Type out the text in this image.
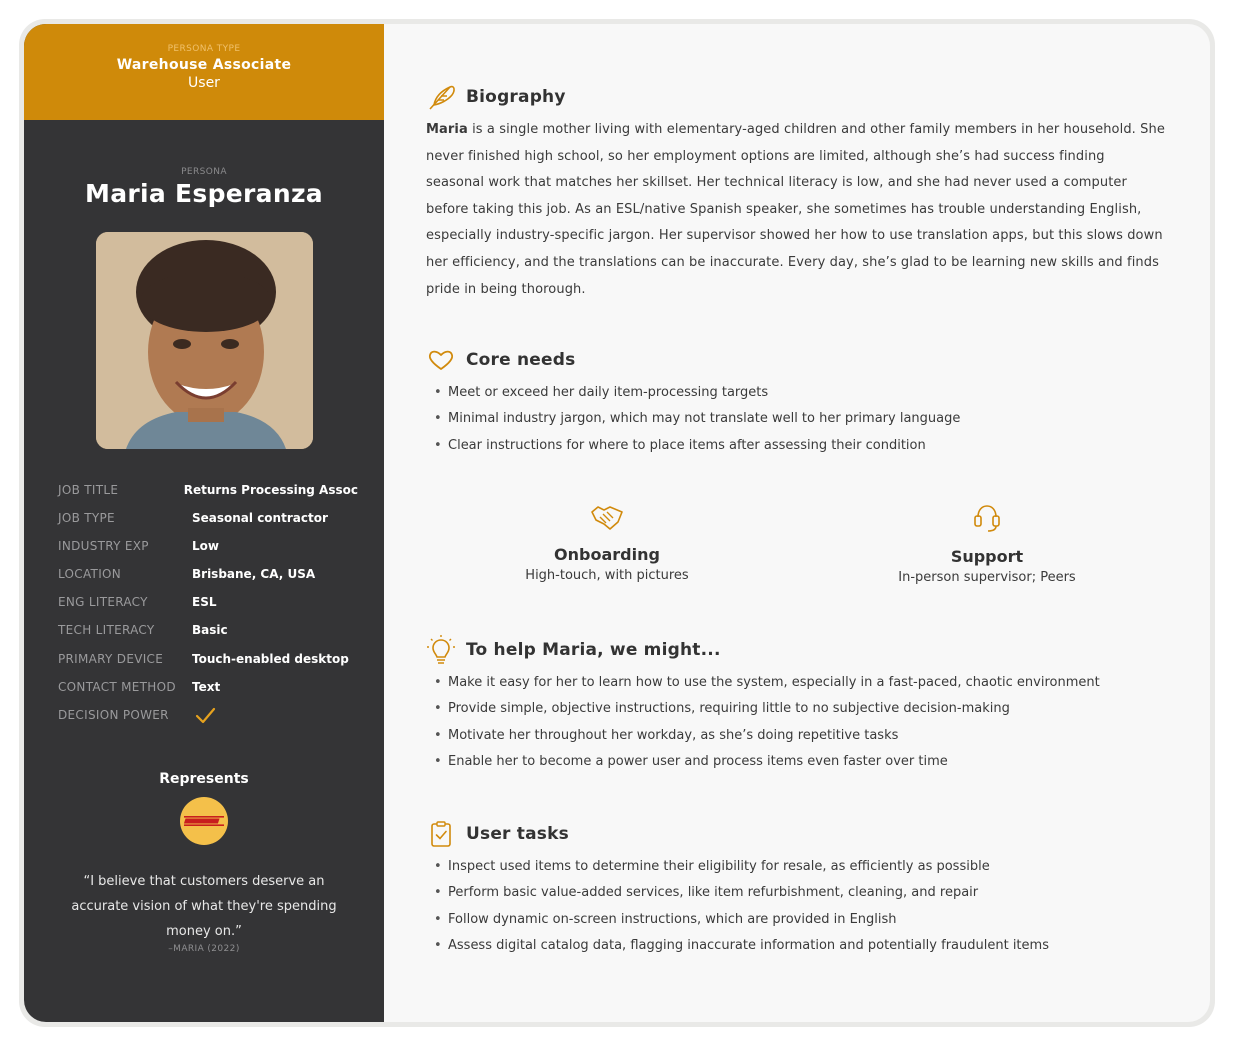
PERSONA TYPE
Warehouse Associate
User
PERSONA
Maria Esperanza
JOB TITLE	Returns Processing Assoc
JOB TYPE	Seasonal contractor
INDUSTRY EXP	Low
LOCATION	Brisbane, CA, USA
ENG LITERACY	ESL
TECH LITERACY	Basic
PRIMARY DEVICE	Touch-enabled desktop
CONTACT METHOD	Text
DECISION POWER
Represents
“I believe that customers deserve an accurate vision of what they're spending money on.”
–MARIA (2022)
Biography
Maria is a single mother living with elementary-aged children and other family members in her household. She never finished high school, so her employment options are limited, although she’s had success finding seasonal work that matches her skillset. Her technical literacy is low, and she had never used a computer before taking this job. As an ESL/native Spanish speaker, she sometimes has trouble understanding English, especially industry-specific jargon. Her supervisor showed her how to use translation apps, but this slows down her efficiency, and the translations can be inaccurate. Every day, she’s glad to be learning new skills and finds pride in being thorough.
Core needs
• Meet or exceed her daily item-processing targets
• Minimal industry jargon, which may not translate well to her primary language
• Clear instructions for where to place items after assessing their condition
Onboarding
High-touch, with pictures
Support
In-person supervisor; Peers
To help Maria, we might...
• Make it easy for her to learn how to use the system, especially in a fast-paced, chaotic environment
• Provide simple, objective instructions, requiring little to no subjective decision-making
• Motivate her throughout her workday, as she’s doing repetitive tasks
• Enable her to become a power user and process items even faster over time
User tasks
• Inspect used items to determine their eligibility for resale, as efficiently as possible
• Perform basic value-added services, like item refurbishment, cleaning, and repair
• Follow dynamic on-screen instructions, which are provided in English
• Assess digital catalog data, flagging inaccurate information and potentially fraudulent items
